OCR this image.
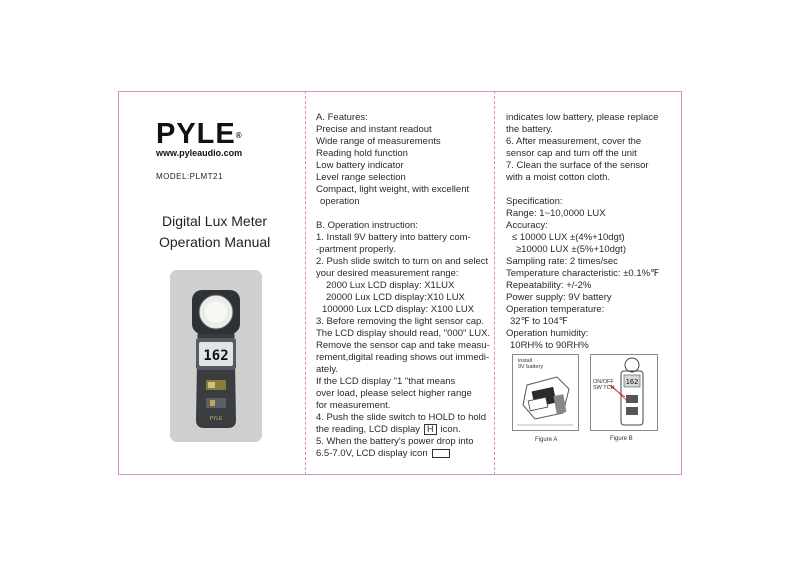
PYLE®
www.pyleaudio.com
MODEL:PLMT21
Digital Lux Meter
Operation Manual
162
PYLE
A. Features:
Precise and instant readout
Wide range of measurements
Reading hold function
Low battery indicator
Level range selection
Compact, light weight, with excellent
operation
B. Operation instruction:
1. Install 9V battery into battery com-
-partment properly.
2. Push slide switch to turn on and select
your desired measurement range:
2000 Lux LCD display: X1LUX
20000 Lux LCD display:X10 LUX
100000 Lux LCD display: X100 LUX
3. Before removing the light sensor cap.
The LCD display should read, "000" LUX.
Remove the sensor cap and take measu-
rement,digital reading shows out immedi-
ately.
If the LCD display "1 "that means
over load, please select higher range
for measurement.
4. Push the slide switch to HOLD to hold
the reading, LCD display H icon.
5. When the battery's power drop into
6.5-7.0V, LCD display icon
indicates low battery, please replace
the battery.
6. After measurement, cover the
sensor cap and turn off the unit
7. Clean the surface of the sensor
with a moist cotton cloth.
Specification:
Range: 1~10,0000 LUX
Accuracy:
≤ 10000 LUX ±(4%+10dgt)
≥10000 LUX ±(5%+10dgt)
Sampling rate: 2 times/sec
Temperature characteristic: ±0.1%℉
Repeatability: +/-2%
Power supply: 9V battery
Operation temperature:
32℉ to 104℉
Operation humidity:
10RH% to 90RH%
install
9V battery
Figure A
162
ON/OFF
SW TCH
Figure B
